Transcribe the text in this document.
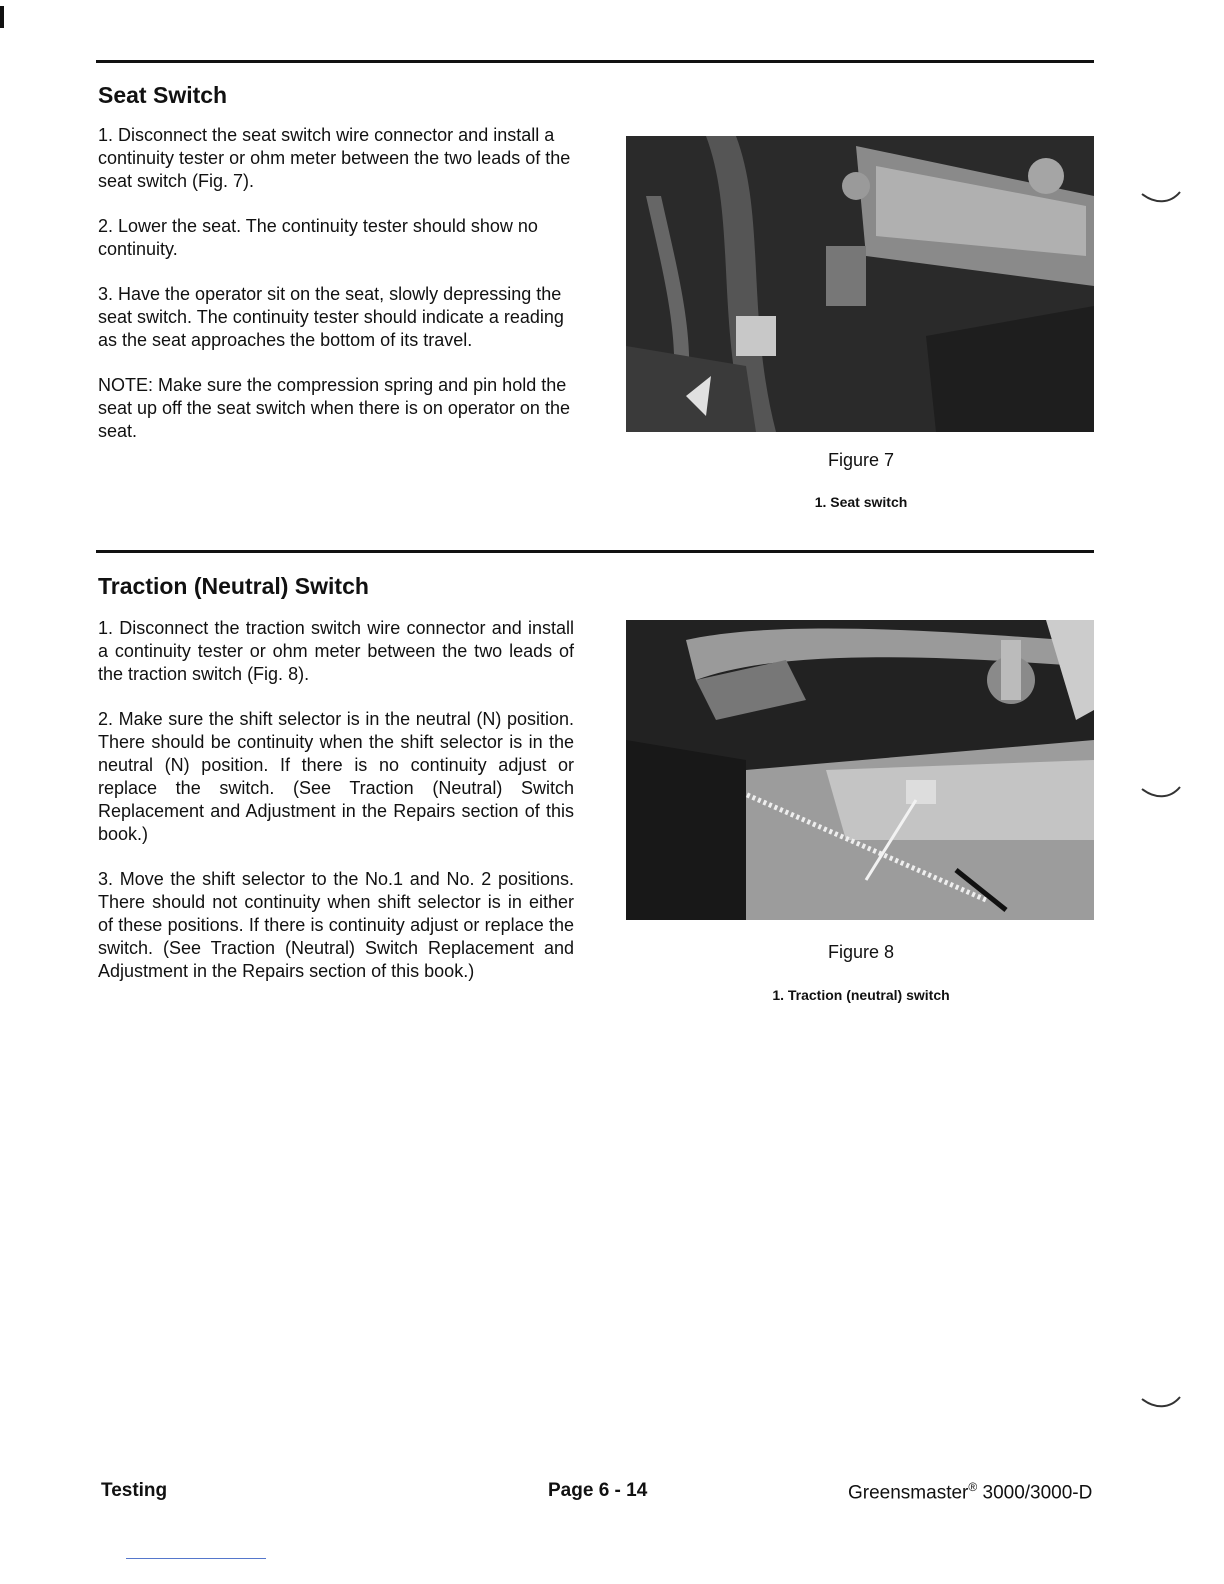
Seat Switch

1. Disconnect the seat switch wire connector and install a continuity tester or ohm meter between the two leads of the seat switch (Fig. 7).

2. Lower the seat. The continuity tester should show no continuity.

3. Have the operator sit on the seat, slowly depressing the seat switch. The continuity tester should indicate a reading as the seat approaches the bottom of its travel.

NOTE: Make sure the compression spring and pin hold the seat up off the seat switch when there is on operator on the seat.

Figure 7
1. Seat switch
Traction (Neutral) Switch

1. Disconnect the traction switch wire connector and install a continuity tester or ohm meter between the two leads of the traction switch (Fig. 8).

2. Make sure the shift selector is in the neutral (N) position. There should be continuity when the shift selector is in the neutral (N) position. If there is no continuity adjust or replace the switch. (See Traction (Neutral) Switch Replacement and Adjustment in the Repairs section of this book.)

3. Move the shift selector to the No.1 and No. 2 positions. There should not continuity when shift selector is in either of these positions. If there is continuity adjust or replace the switch. (See Traction (Neutral) Switch Replacement and Adjustment in the Repairs section of this book.)

Figure 8
1. Traction (neutral) switch
Testing	Page 6 - 14	Greensmaster® 3000/3000-D
